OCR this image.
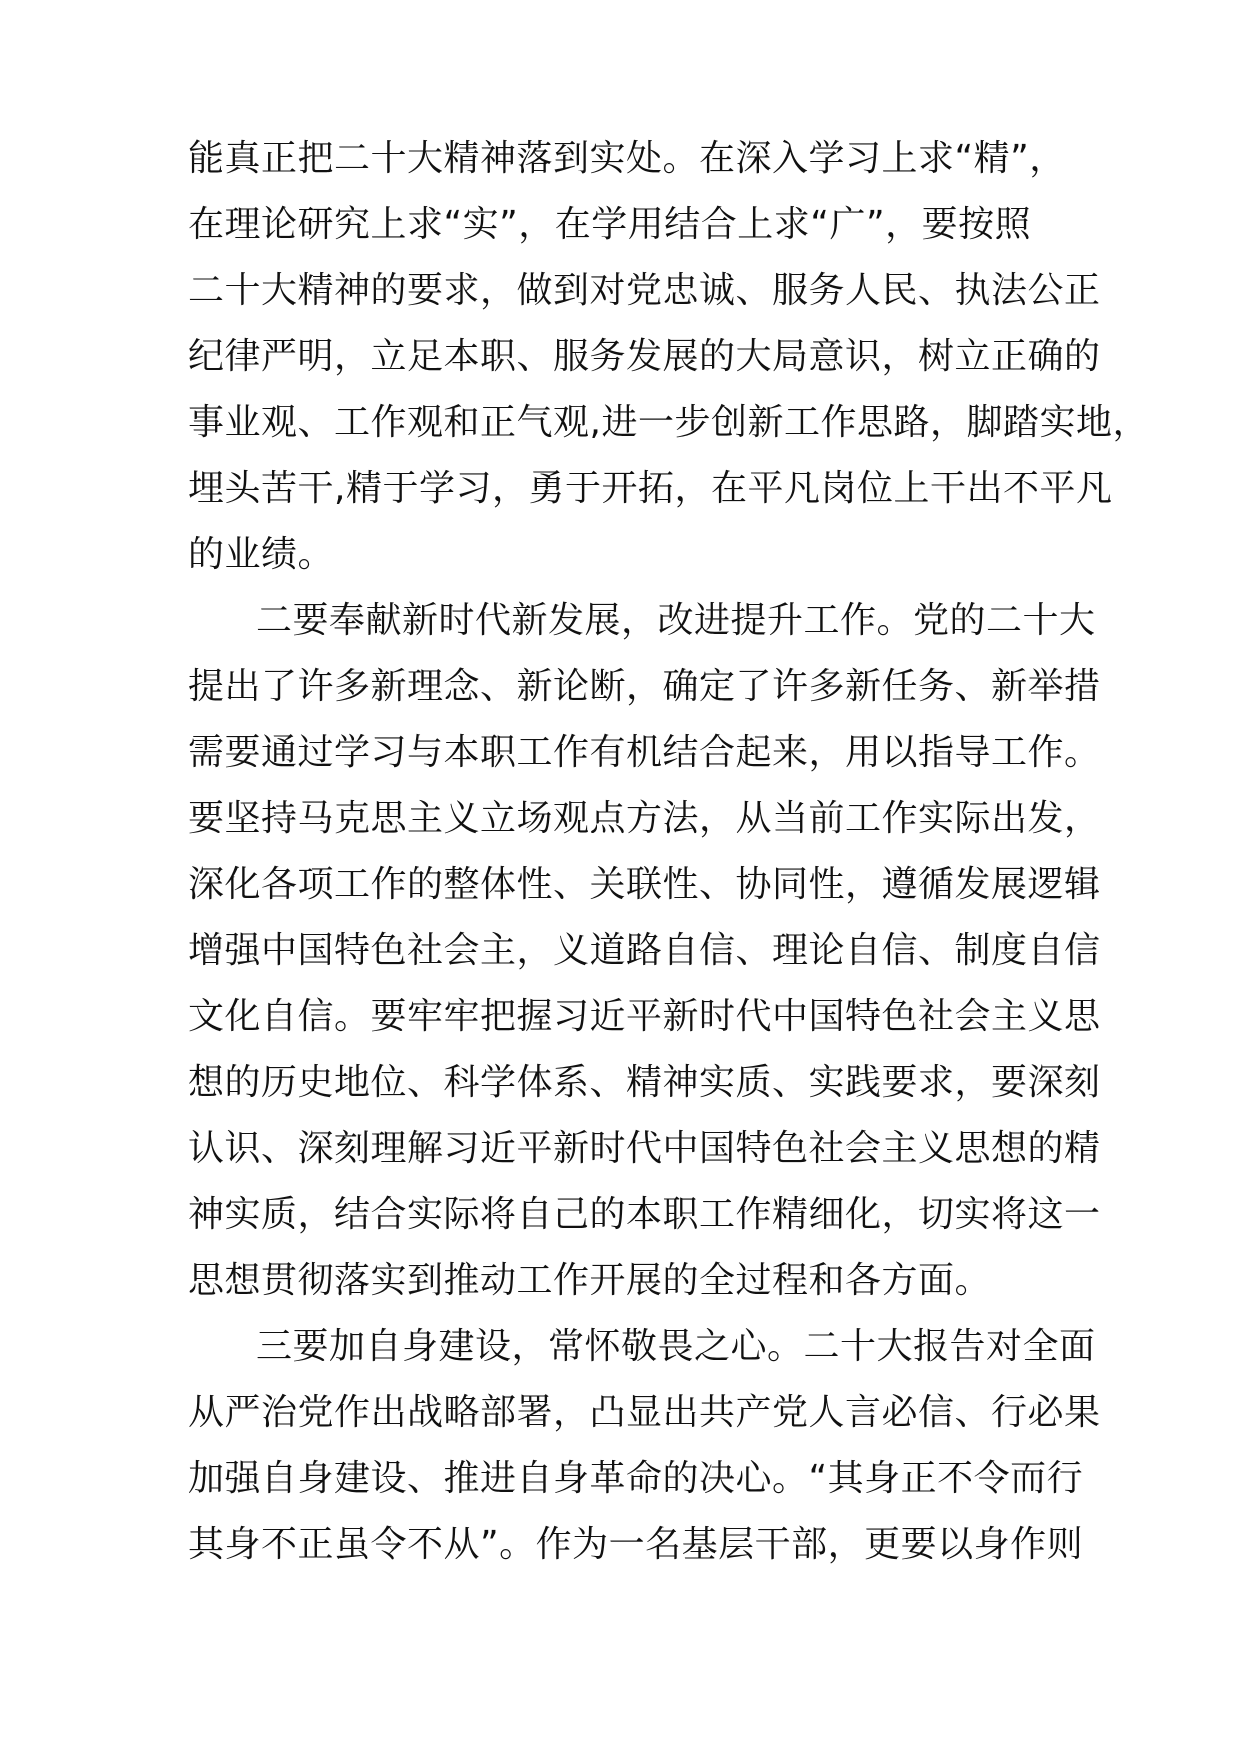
能真正把二十大精神落到实处。在深入学习上求“精”，
在理论研究上求“实”，在学用结合上求“广”，要按照
二十大精神的要求，做到对党忠诚、服务人民、执法公正
纪律严明，立足本职、服务发展的大局意识，树立正确的
事业观、工作观和正气观,进一步创新工作思路，脚踏实地，
埋头苦干,精于学习，勇于开拓，在平凡岗位上干出不平凡
的业绩。
二要奉献新时代新发展，改进提升工作。党的二十大
提出了许多新理念、新论断，确定了许多新任务、新举措
需要通过学习与本职工作有机结合起来，用以指导工作。
要坚持马克思主义立场观点方法，从当前工作实际出发，
深化各项工作的整体性、关联性、协同性，遵循发展逻辑
增强中国特色社会主，义道路自信、理论自信、制度自信
文化自信。要牢牢把握习近平新时代中国特色社会主义思
想的历史地位、科学体系、精神实质、实践要求，要深刻
认识、深刻理解习近平新时代中国特色社会主义思想的精
神实质，结合实际将自己的本职工作精细化，切实将这一
思想贯彻落实到推动工作开展的全过程和各方面。
三要加自身建设，常怀敬畏之心。二十大报告对全面
从严治党作出战略部署，凸显出共产党人言必信、行必果
加强自身建设、推进自身革命的决心。“其身正不令而行
其身不正虽令不从”。作为一名基层干部，更要以身作则
